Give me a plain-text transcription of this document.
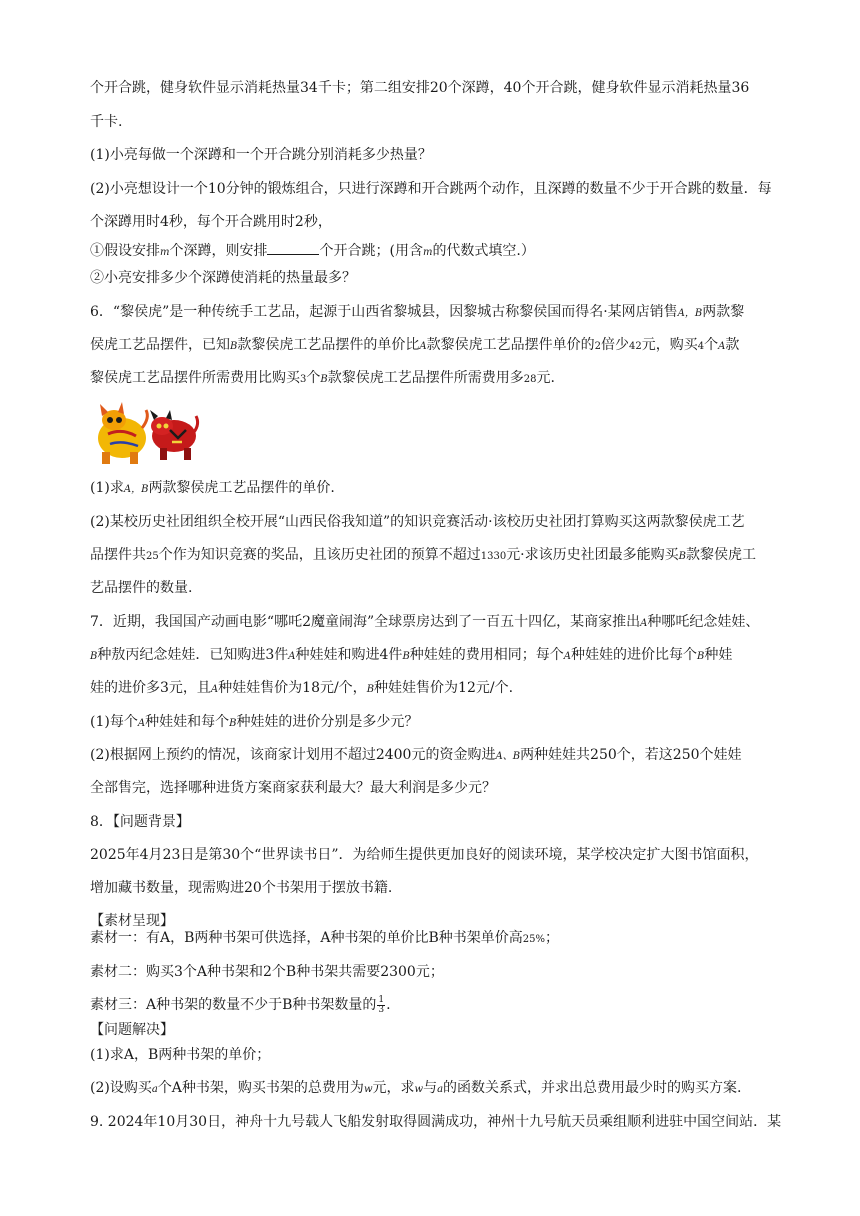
个开合跳，健身软件显示消耗热量34千卡；第二组安排20个深蹲，40个开合跳，健身软件显示消耗热量36
千卡.
(1)小亮每做一个深蹲和一个开合跳分别消耗多少热量？
(2)小亮想设计一个10分钟的锻炼组合，只进行深蹲和开合跳两个动作，且深蹲的数量不少于开合跳的数量．每
个深蹲用时4秒，每个开合跳用时2秒，
①假设安排m个深蹲，则安排	个开合跳；(用含m的代数式填空.）
②小亮安排多少个深蹲使消耗的热量最多？
6．“黎侯虎”是一种传统手工艺品，起源于山西省黎城县，因黎城古称黎侯国而得名·某网店销售A，B两款黎
侯虎工艺品摆件，已知B款黎侯虎工艺品摆件的单价比A款黎侯虎工艺品摆件单价的2倍少42元，购买4个A款
黎侯虎工艺品摆件所需费用比购买3个B款黎侯虎工艺品摆件所需费用多28元.
(1)求A，B两款黎侯虎工艺品摆件的单价.
(2)某校历史社团组织全校开展“山西民俗我知道”的知识竞赛活动·该校历史社团打算购买这两款黎侯虎工艺
品摆件共25个作为知识竞赛的奖品，且该历史社团的预算不超过1330元·求该历史社团最多能购买B款黎侯虎工
艺品摆件的数量.
7．近期，我国国产动画电影“哪吒2魔童闹海”全球票房达到了一百五十四亿，某商家推出A种哪吒纪念娃娃、
B种敖丙纪念娃娃．已知购进3件A种娃娃和购进4件B种娃娃的费用相同；每个A种娃娃的进价比每个B种娃
娃的进价多3元，且A种娃娃售价为18元/个，B种娃娃售价为12元/个.
(1)每个A种娃娃和每个B种娃娃的进价分别是多少元？
(2)根据网上预约的情况，该商家计划用不超过2400元的资金购进A、B两种娃娃共250个，若这250个娃娃
全部售完，选择哪种进货方案商家获利最大？最大利润是多少元？
8．【问题背景】
2025年4月23日是第30个“世界读书日”．为给师生提供更加良好的阅读环境，某学校决定扩大图书馆面积，
增加藏书数量，现需购进20个书架用于摆放书籍.
【素材呈现】
素材一：有A，B两种书架可供选择，A种书架的单价比B种书架单价高25%；
素材二：购买3个A种书架和2个B种书架共需要2300元；
素材三：A种书架的数量不少于B种书架数量的 $\frac{1}{3}$ .
【问题解决】
(1)求A，B两种书架的单价；
(2)设购买a个A种书架，购买书架的总费用为w元，求w与a的函数关系式，并求出总费用最少时的购买方案.
9. 2024年10月30日，神舟十九号载人飞船发射取得圆满成功，神州十九号航天员乘组顺利进驻中国空间站．某
